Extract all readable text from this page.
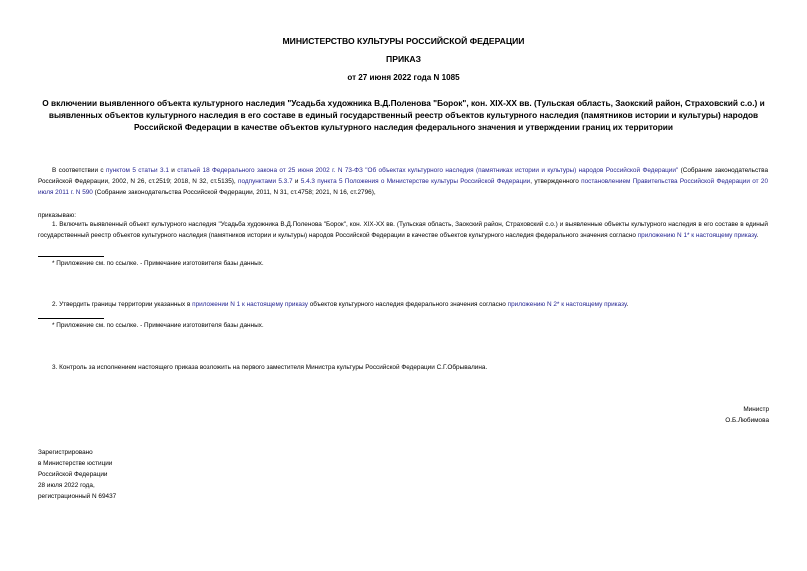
МИНИСТЕРСТВО КУЛЬТУРЫ РОССИЙСКОЙ ФЕДЕРАЦИИ
ПРИКАЗ
от 27 июня 2022 года N 1085
О включении выявленного объекта культурного наследия "Усадьба художника В.Д.Поленова "Борок", кон. XIX-XX вв. (Тульская область, Заокский район, Страховский с.о.) и выявленных объектов культурного наследия в его составе в единый государственный реестр объектов культурного наследия (памятников истории и культуры) народов Российской Федерации в качестве объектов культурного наследия федерального значения и утверждении границ их территории
В соответствии с пунктом 5 статьи 3.1 и статьей 18 Федерального закона от 25 июня 2002 г. N 73-ФЗ "Об объектах культурного наследия (памятниках истории и культуры) народов Российской Федерации" (Собрание законодательства Российской Федерации, 2002, N 26, ст.2519; 2018, N 32, ст.5135), подпунктами 5.3.7 и 5.4.3 пункта 5 Положения о Министерстве культуры Российской Федерации, утвержденного постановлением Правительства Российской Федерации от 20 июля 2011 г. N 590 (Собрание законодательства Российской Федерации, 2011, N 31, ст.4758; 2021, N 16, ст.2796),
приказываю:
1. Включить выявленный объект культурного наследия "Усадьба художника В.Д.Поленова "Борок", кон. XIX-XX вв. (Тульская область, Заокский район, Страховский с.о.) и выявленные объекты культурного наследия в его составе в единый государственный реестр объектов культурного наследия (памятников истории и культуры) народов Российской Федерации в качестве объектов культурного наследия федерального значения согласно приложению N 1* к настоящему приказу.
* Приложение см. по ссылке. - Примечание изготовителя базы данных.
2. Утвердить границы территории указанных в приложении N 1 к настоящему приказу объектов культурного наследия федерального значения согласно приложению N 2* к настоящему приказу.
* Приложение см. по ссылке. - Примечание изготовителя базы данных.
3. Контроль за исполнением настоящего приказа возложить на первого заместителя Министра культуры Российской Федерации С.Г.Обрывалина.
Министр
О.Б.Любимова
Зарегистрировано
в Министерстве юстиции
Российской Федерации
28 июля 2022 года,
регистрационный N 69437
